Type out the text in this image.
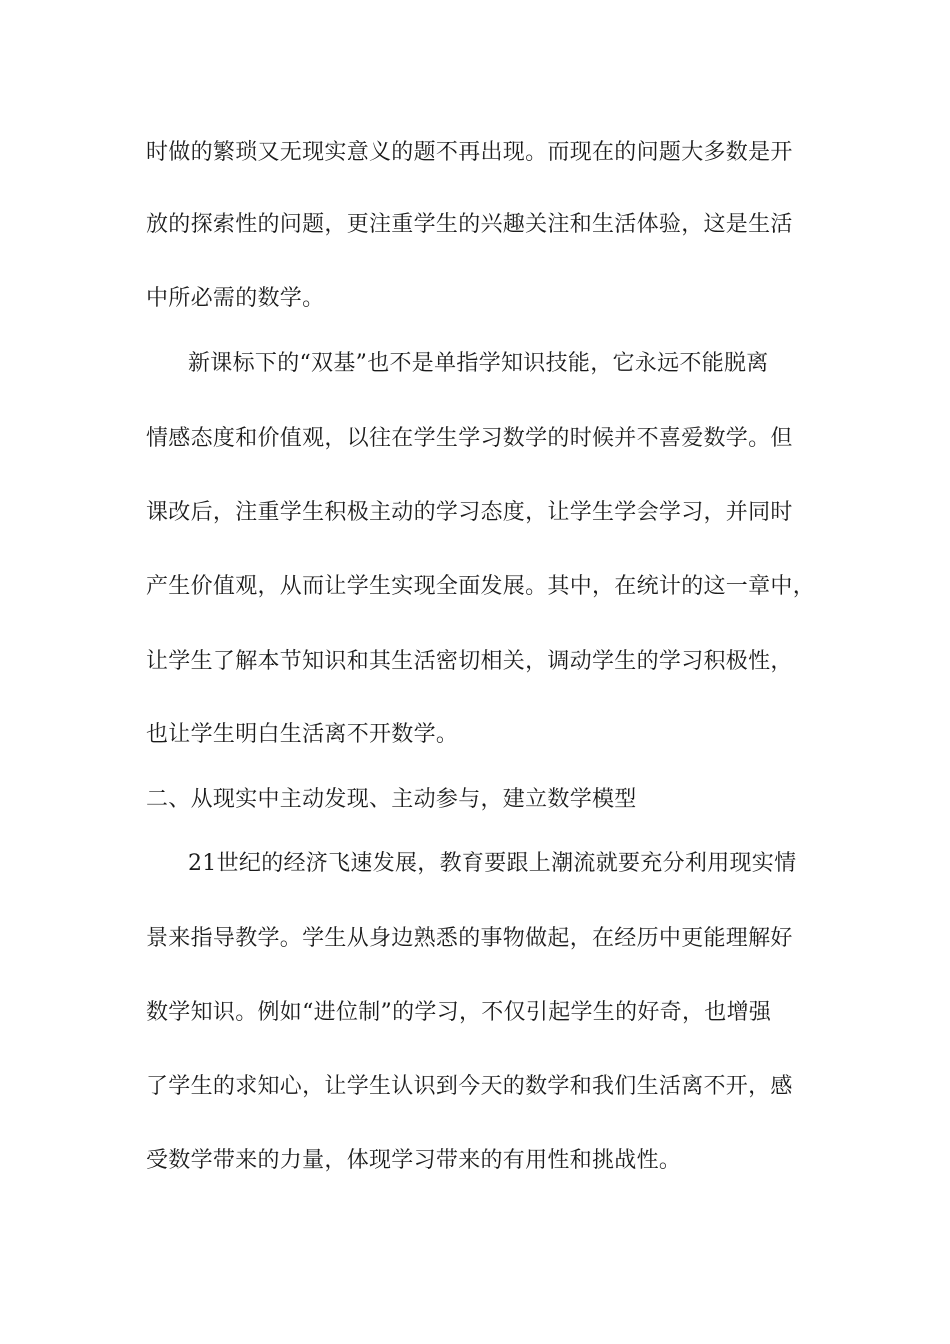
时做的繁琐又无现实意义的题不再出现。而现在的问题大多数是开

放的探索性的问题，更注重学生的兴趣关注和生活体验，这是生活

中所必需的数学。

新课标下的“双基”也不是单指学知识技能，它永远不能脱离

情感态度和价值观，以往在学生学习数学的时候并不喜爱数学。但

课改后，注重学生积极主动的学习态度，让学生学会学习，并同时

产生价值观，从而让学生实现全面发展。其中，在统计的这一章中，

让学生了解本节知识和其生活密切相关，调动学生的学习积极性，

也让学生明白生活离不开数学。

二、从现实中主动发现、主动参与，建立数学模型

21世纪的经济飞速发展，教育要跟上潮流就要充分利用现实情

景来指导教学。学生从身边熟悉的事物做起，在经历中更能理解好

数学知识。例如“进位制”的学习，不仅引起学生的好奇，也增强

了学生的求知心，让学生认识到今天的数学和我们生活离不开，感

受数学带来的力量，体现学习带来的有用性和挑战性。
